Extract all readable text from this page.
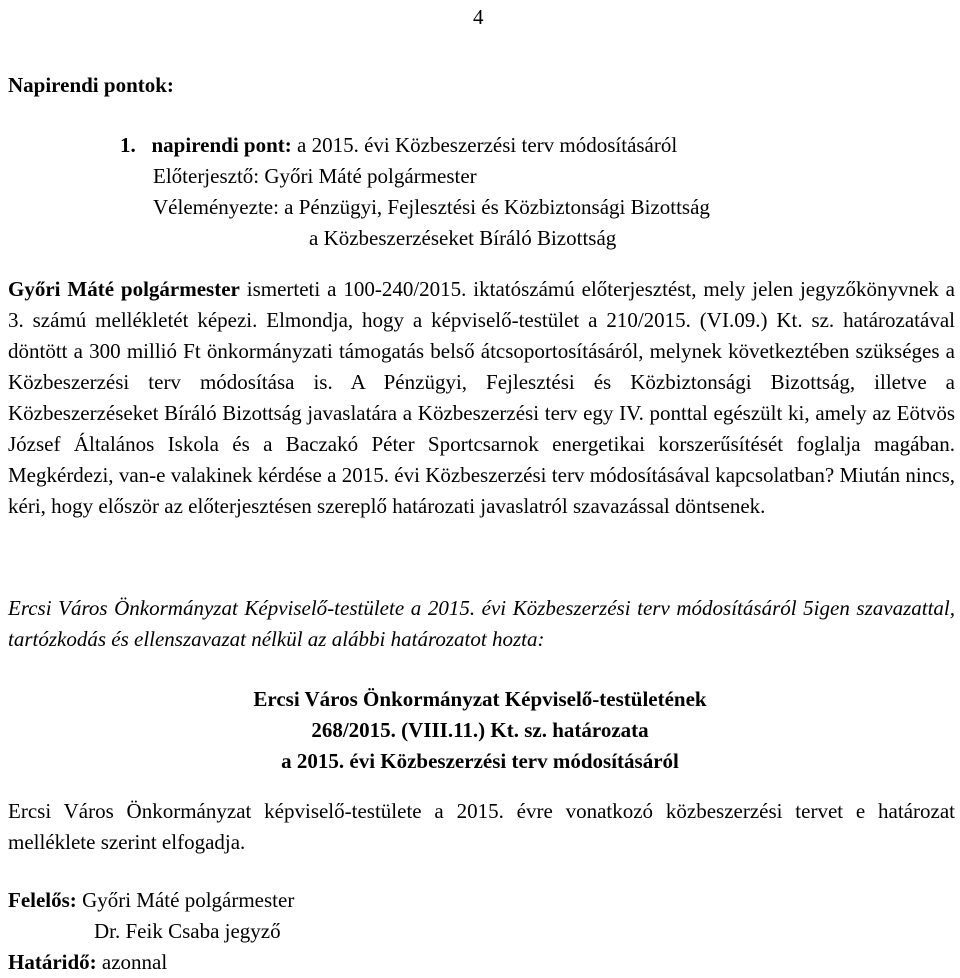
4
Napirendi pontok:
1. napirendi pont: a 2015. évi Közbeszerzési terv módosításáról
Előterjesztő: Győri Máté polgármester
Véleményezte: a Pénzügyi, Fejlesztési és Közbiztonsági Bizottság
a Közbeszerzéseket Bíráló Bizottság
Győri Máté polgármester ismerteti a 100-240/2015. iktatószámú előterjesztést, mely jelen jegyzőkönyvnek a 3. számú mellékletét képezi. Elmondja, hogy a képviselő-testület a 210/2015. (VI.09.) Kt. sz. határozatával döntött a 300 millió Ft önkormányzati támogatás belső átcsoportosításáról, melynek következtében szükséges a Közbeszerzési terv módosítása is. A Pénzügyi, Fejlesztési és Közbiztonsági Bizottság, illetve a Közbeszerzéseket Bíráló Bizottság javaslatára a Közbeszerzési terv egy IV. ponttal egészült ki, amely az Eötvös József Általános Iskola és a Baczakó Péter Sportcsarnok energetikai korszerűsítését foglalja magában. Megkérdezi, van-e valakinek kérdése a 2015. évi Közbeszerzési terv módosításával kapcsolatban? Miután nincs, kéri, hogy először az előterjesztésen szereplő határozati javaslatról szavazással döntsenek.
Ercsi Város Önkormányzat Képviselő-testülete a 2015. évi Közbeszerzési terv módosításáról 5igen szavazattal, tartózkodás és ellenszavazat nélkül az alábbi határozatot hozta:
Ercsi Város Önkormányzat Képviselő-testületének
268/2015. (VIII.11.) Kt. sz. határozata
a 2015. évi Közbeszerzési terv módosításáról
Ercsi Város Önkormányzat képviselő-testülete a 2015. évre vonatkozó közbeszerzési tervet e határozat melléklete szerint elfogadja.
Felelős: Győri Máté polgármester
Dr. Feik Csaba jegyző
Határidő: azonnal
